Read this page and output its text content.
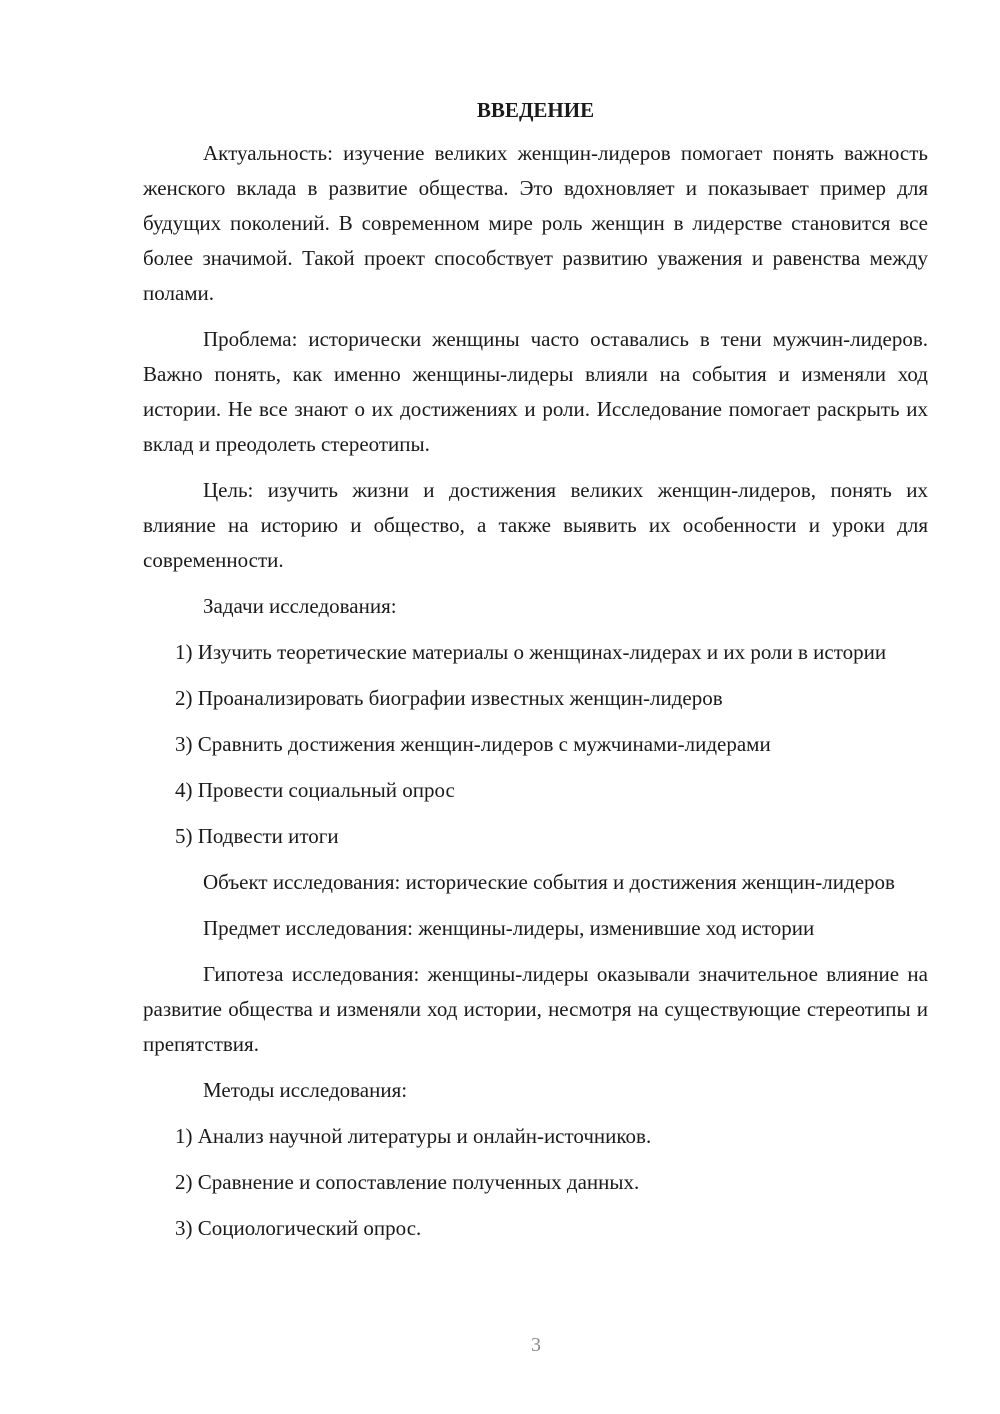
ВВЕДЕНИЕ

Актуальность: изучение великих женщин-лидеров помогает понять важность женского вклада в развитие общества. Это вдохновляет и показывает пример для будущих поколений. В современном мире роль женщин в лидерстве становится все более значимой. Такой проект способствует развитию уважения и равенства между полами.

Проблема: исторически женщины часто оставались в тени мужчин-лидеров. Важно понять, как именно женщины-лидеры влияли на события и изменяли ход истории. Не все знают о их достижениях и роли. Исследование помогает раскрыть их вклад и преодолеть стереотипы.

Цель: изучить жизни и достижения великих женщин-лидеров, понять их влияние на историю и общество, а также выявить их особенности и уроки для современности.

Задачи исследования:

1) Изучить теоретические материалы о женщинах-лидерах и их роли в истории

2) Проанализировать биографии известных женщин-лидеров

3) Сравнить достижения женщин-лидеров с мужчинами-лидерами

4) Провести социальный опрос

5) Подвести итоги

Объект исследования: исторические события и достижения женщин-лидеров

Предмет исследования: женщины-лидеры, изменившие ход истории

Гипотеза исследования: женщины-лидеры оказывали значительное влияние на развитие общества и изменяли ход истории, несмотря на существующие стереотипы и препятствия.

Методы исследования:

1) Анализ научной литературы и онлайн-источников.

2) Сравнение и сопоставление полученных данных.

3) Социологический опрос.

3
